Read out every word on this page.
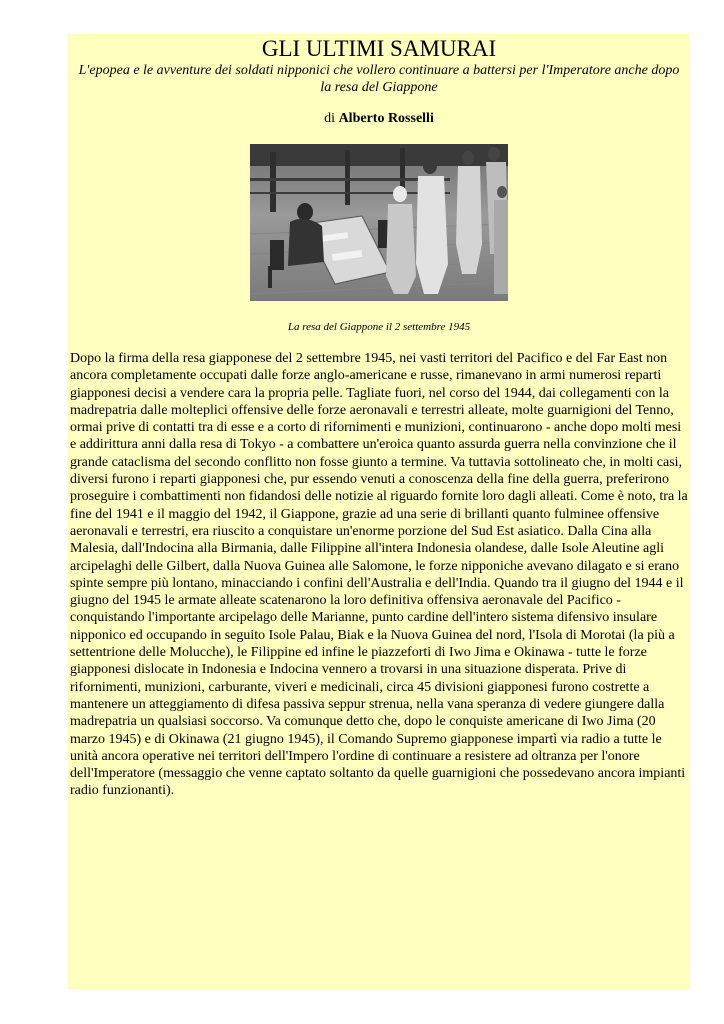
GLI ULTIMI SAMURAI
L'epopea e le avventure dei soldati nipponici che vollero continuare a battersi per l'Imperatore anche dopo la resa del Giappone
di Alberto Rosselli
La resa del Giappone il 2 settembre 1945

Dopo la firma della resa giapponese del 2 settembre 1945, nei vasti territori del Pacifico e del Far East non ancora completamente occupati dalle forze anglo-americane e russe, rimanevano in armi numerosi reparti giapponesi decisi a vendere cara la propria pelle. Tagliate fuori, nel corso del 1944, dai collegamenti con la madrepatria dalle molteplici offensive delle forze aeronavali e terrestri alleate, molte guarnigioni del Tenno, ormai prive di contatti tra di esse e a corto di rifornimenti e munizioni, continuarono - anche dopo molti mesi e addirittura anni dalla resa di Tokyo - a combattere un'eroica quanto assurda guerra nella convinzione che il grande cataclisma del secondo conflitto non fosse giunto a termine. Va tuttavia sottolineato che, in molti casi, diversi furono i reparti giapponesi che, pur essendo venuti a conoscenza della fine della guerra, preferirono proseguire i combattimenti non fidandosi delle notizie al riguardo fornite loro dagli alleati. Come è noto, tra la fine del 1941 e il maggio del 1942, il Giappone, grazie ad una serie di brillanti quanto fulminee offensive aeronavali e terrestri, era riuscito a conquistare un'enorme porzione del Sud Est asiatico. Dalla Cina alla Malesia, dall'Indocina alla Birmania, dalle Filippine all'intera Indonesia olandese, dalle Isole Aleutine agli arcipelaghi delle Gilbert, dalla Nuova Guinea alle Salomone, le forze nipponiche avevano dilagato e si erano spinte sempre più lontano, minacciando i confini dell'Australia e dell'India. Quando tra il giugno del 1944 e il giugno del 1945 le armate alleate scatenarono la loro definitiva offensiva aeronavale del Pacifico - conquistando l'importante arcipelago delle Marianne, punto cardine dell'intero sistema difensivo insulare nipponico ed occupando in seguito Isole Palau, Biak e la Nuova Guinea del nord, l'Isola di Morotai (la più a settentrione delle Molucche), le Filippine ed infine le piazzeforti di Iwo Jima e Okinawa - tutte le forze giapponesi dislocate in Indonesia e Indocina vennero a trovarsi in una situazione disperata. Prive di rifornimenti, munizioni, carburante, viveri e medicinali, circa 45 divisioni giapponesi furono costrette a mantenere un atteggiamento di difesa passiva seppur strenua, nella vana speranza di vedere giungere dalla madrepatria un qualsiasi soccorso. Va comunque detto che, dopo le conquiste americane di Iwo Jima (20 marzo 1945) e di Okinawa (21 giugno 1945), il Comando Supremo giapponese impartì via radio a tutte le unità ancora operative nei territori dell'Impero l'ordine di continuare a resistere ad oltranza per l'onore dell'Imperatore (messaggio che venne captato soltanto da quelle guarnigioni che possedevano ancora impianti radio funzionanti).
